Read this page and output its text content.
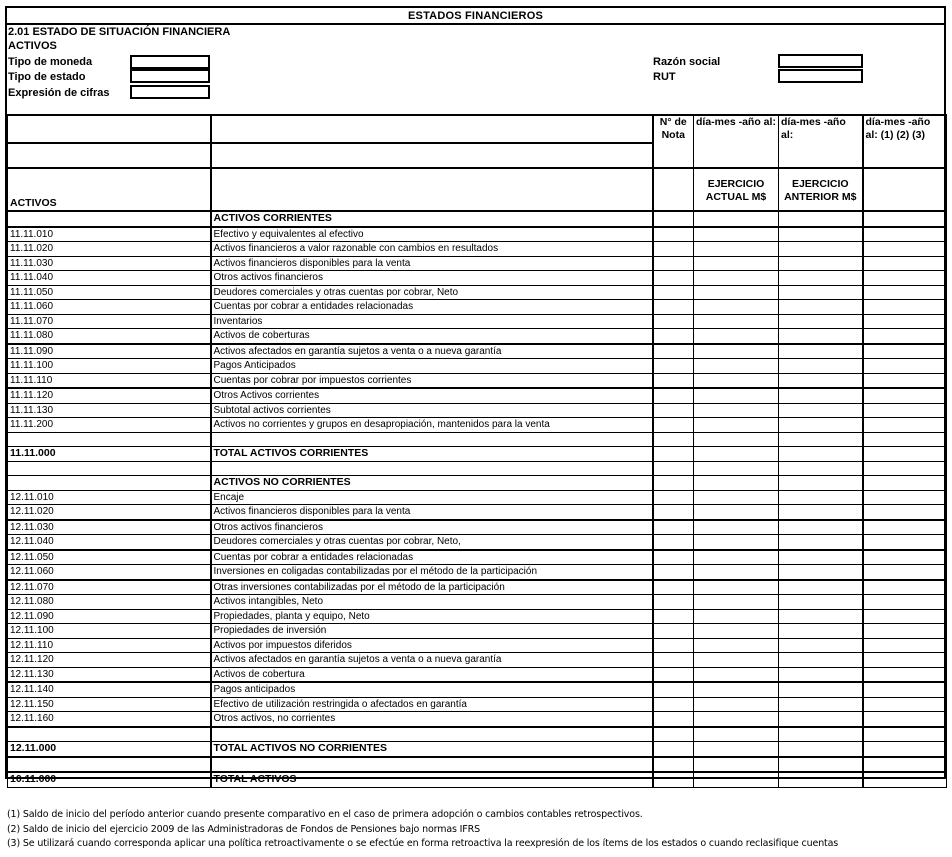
ESTADOS FINANCIEROS
2.01 ESTADO DE SITUACIÓN FINANCIERA
ACTIVOS
Tipo de moneda
Tipo de estado
Expresión de cifras
Razón social
RUT
		N° de Nota	día-mes -año al:	día-mes -año al:	día-mes -año al: (1) (2) (3)

ACTIVOS			EJERCICIO ACTUAL M$	EJERCICIO ANTERIOR M$	
	ACTIVOS CORRIENTES				
11.11.010	Efectivo y equivalentes al efectivo				
11.11.020	Activos financieros a valor razonable con cambios en resultados				
11.11.030	Activos financieros disponibles para la venta				
11.11.040	Otros activos financieros				
11.11.050	Deudores comerciales y otras cuentas por cobrar, Neto				
11.11.060	Cuentas por cobrar a entidades relacionadas				
11.11.070	Inventarios				
11.11.080	Activos de coberturas				
11.11.090	Activos afectados en garantía sujetos a venta o a nueva garantía				
11.11.100	Pagos Anticipados				
11.11.110	Cuentas por cobrar por impuestos corrientes				
11.11.120	Otros Activos corrientes				
11.11.130	Subtotal activos corrientes				
11.11.200	Activos no corrientes y grupos en desapropiación, mantenidos para la venta				

11.11.000	TOTAL ACTIVOS CORRIENTES				

	ACTIVOS NO CORRIENTES				
12.11.010	Encaje				
12.11.020	Activos financieros disponibles para la venta				
12.11.030	Otros activos financieros				
12.11.040	Deudores comerciales y otras cuentas por cobrar, Neto,				
12.11.050	Cuentas por cobrar a entidades relacionadas				
12.11.060	Inversiones en coligadas contabilizadas por el método de la participación				
12.11.070	Otras inversiones contabilizadas por el método de la participación				
12.11.080	Activos intangibles, Neto				
12.11.090	Propiedades, planta y equipo, Neto				
12.11.100	Propiedades de inversión				
12.11.110	Activos por impuestos diferidos				
12.11.120	Activos afectados en garantía sujetos a venta o a nueva garantía				
12.11.130	Activos de cobertura				
12.11.140	Pagos anticipados				
12.11.150	Efectivo de utilización restringida o afectados en garantía				
12.11.160	Otros activos, no corrientes				

12.11.000	TOTAL ACTIVOS NO CORRIENTES				

10.11.000	TOTAL ACTIVOS				
(1) Saldo de inicio del período anterior cuando presente comparativo en el caso de primera adopción o cambios contables retrospectivos.
(2) Saldo de inicio del ejercicio 2009 de las Administradoras de Fondos de Pensiones bajo normas IFRS
(3) Se utilizará cuando corresponda aplicar una política retroactivamente o se efectúe en forma retroactiva la reexpresión de los ítems de los estados o cuando reclasifique cuentas
